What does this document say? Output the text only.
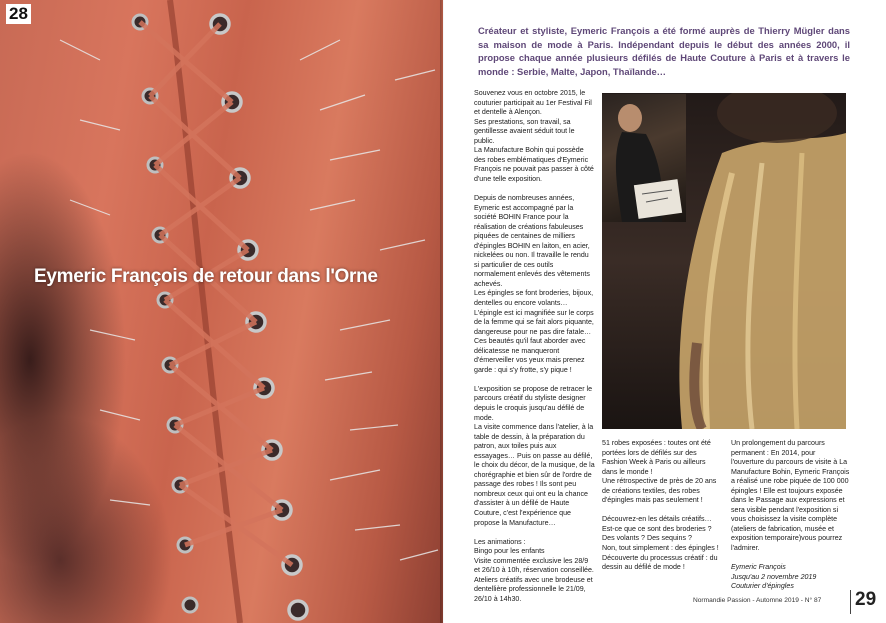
28
Eymeric François de retour dans l'Orne
Créateur et styliste, Eymeric François a été formé auprès de Thierry Mügler dans sa maison de mode à Paris. Indépendant depuis le début des années 2000, il propose chaque année plusieurs défilés de Haute Couture à Paris et à travers le monde : Serbie, Malte, Japon, Thaïlande…

Souvenez vous en octobre 2015, le couturier participait au 1er Festival Fil et dentelle à Alençon.

Ses prestations, son travail, sa gentillesse avaient séduit tout le public.

La Manufacture Bohin qui possède des robes emblématiques d'Eymeric François ne pouvait pas passer à côté d'une telle exposition.

Depuis de nombreuses années, Eymeric est accompagné par la société BOHIN France pour la réalisation de créations fabuleuses piquées de centaines de milliers d'épingles BOHIN en laiton, en acier, nickelées ou non. Il travaille le rendu si particulier de ces outils normalement enlevés des vêtements achevés.

Les épingles se font broderies, bijoux, dentelles ou encore volants… L'épingle est ici magnifiée sur le corps de la femme qui se fait alors piquante, dangereuse pour ne pas dire fatale… Ces beautés qu'il faut aborder avec délicatesse ne manqueront d'émerveiller vos yeux mais prenez garde : qui s'y frotte, s'y pique !

L'exposition se propose de retracer le parcours créatif du styliste designer depuis le croquis jusqu'au défilé de mode.

La visite commence dans l'atelier, à la table de dessin, à la préparation du patron, aux toiles puis aux essayages… Puis on passe au défilé, le choix du décor, de la musique, de la chorégraphie et bien sûr de l'ordre de passage des robes ! Ils sont peu nombreux ceux qui ont eu la chance d'assister à un défilé de Haute Couture, c'est l'expérience que propose la Manufacture…

Les animations :

Bingo pour les enfants

Visite commentée exclusive les 28/9 et 26/10 à 10h, réservation conseillée.

Ateliers créatifs avec une brodeuse et dentellière professionnelle le 21/09, 26/10 à 14h30.

51 robes exposées : toutes ont été portées lors de défilés sur des Fashion Week à Paris ou ailleurs dans le monde !

Une rétrospective de près de 20 ans de créations textiles, des robes d'épingles mais pas seulement !

Découvrez-en les détails créatifs… Est-ce que ce sont des broderies ? Des volants ? Des sequins ?

Non, tout simplement : des épingles !

Découverte du processus créatif : du dessin au défilé de mode !

Un prolongement du parcours permanent : En 2014, pour l'ouverture du parcours de visite à La Manufacture Bohin, Eymeric François a réalisé une robe piquée de 100 000 épingles ! Elle est toujours exposée dans le Passage aux expressions et sera visible pendant l'exposition si vous choisissez la visite complète (ateliers de fabrication, musée et exposition temporaire)vous pourrez l'admirer.

Eymeric François

Jusqu'au 2 novembre 2019

Couturier d'épingles

Normandie Passion - Automne 2019 - N° 87 29
